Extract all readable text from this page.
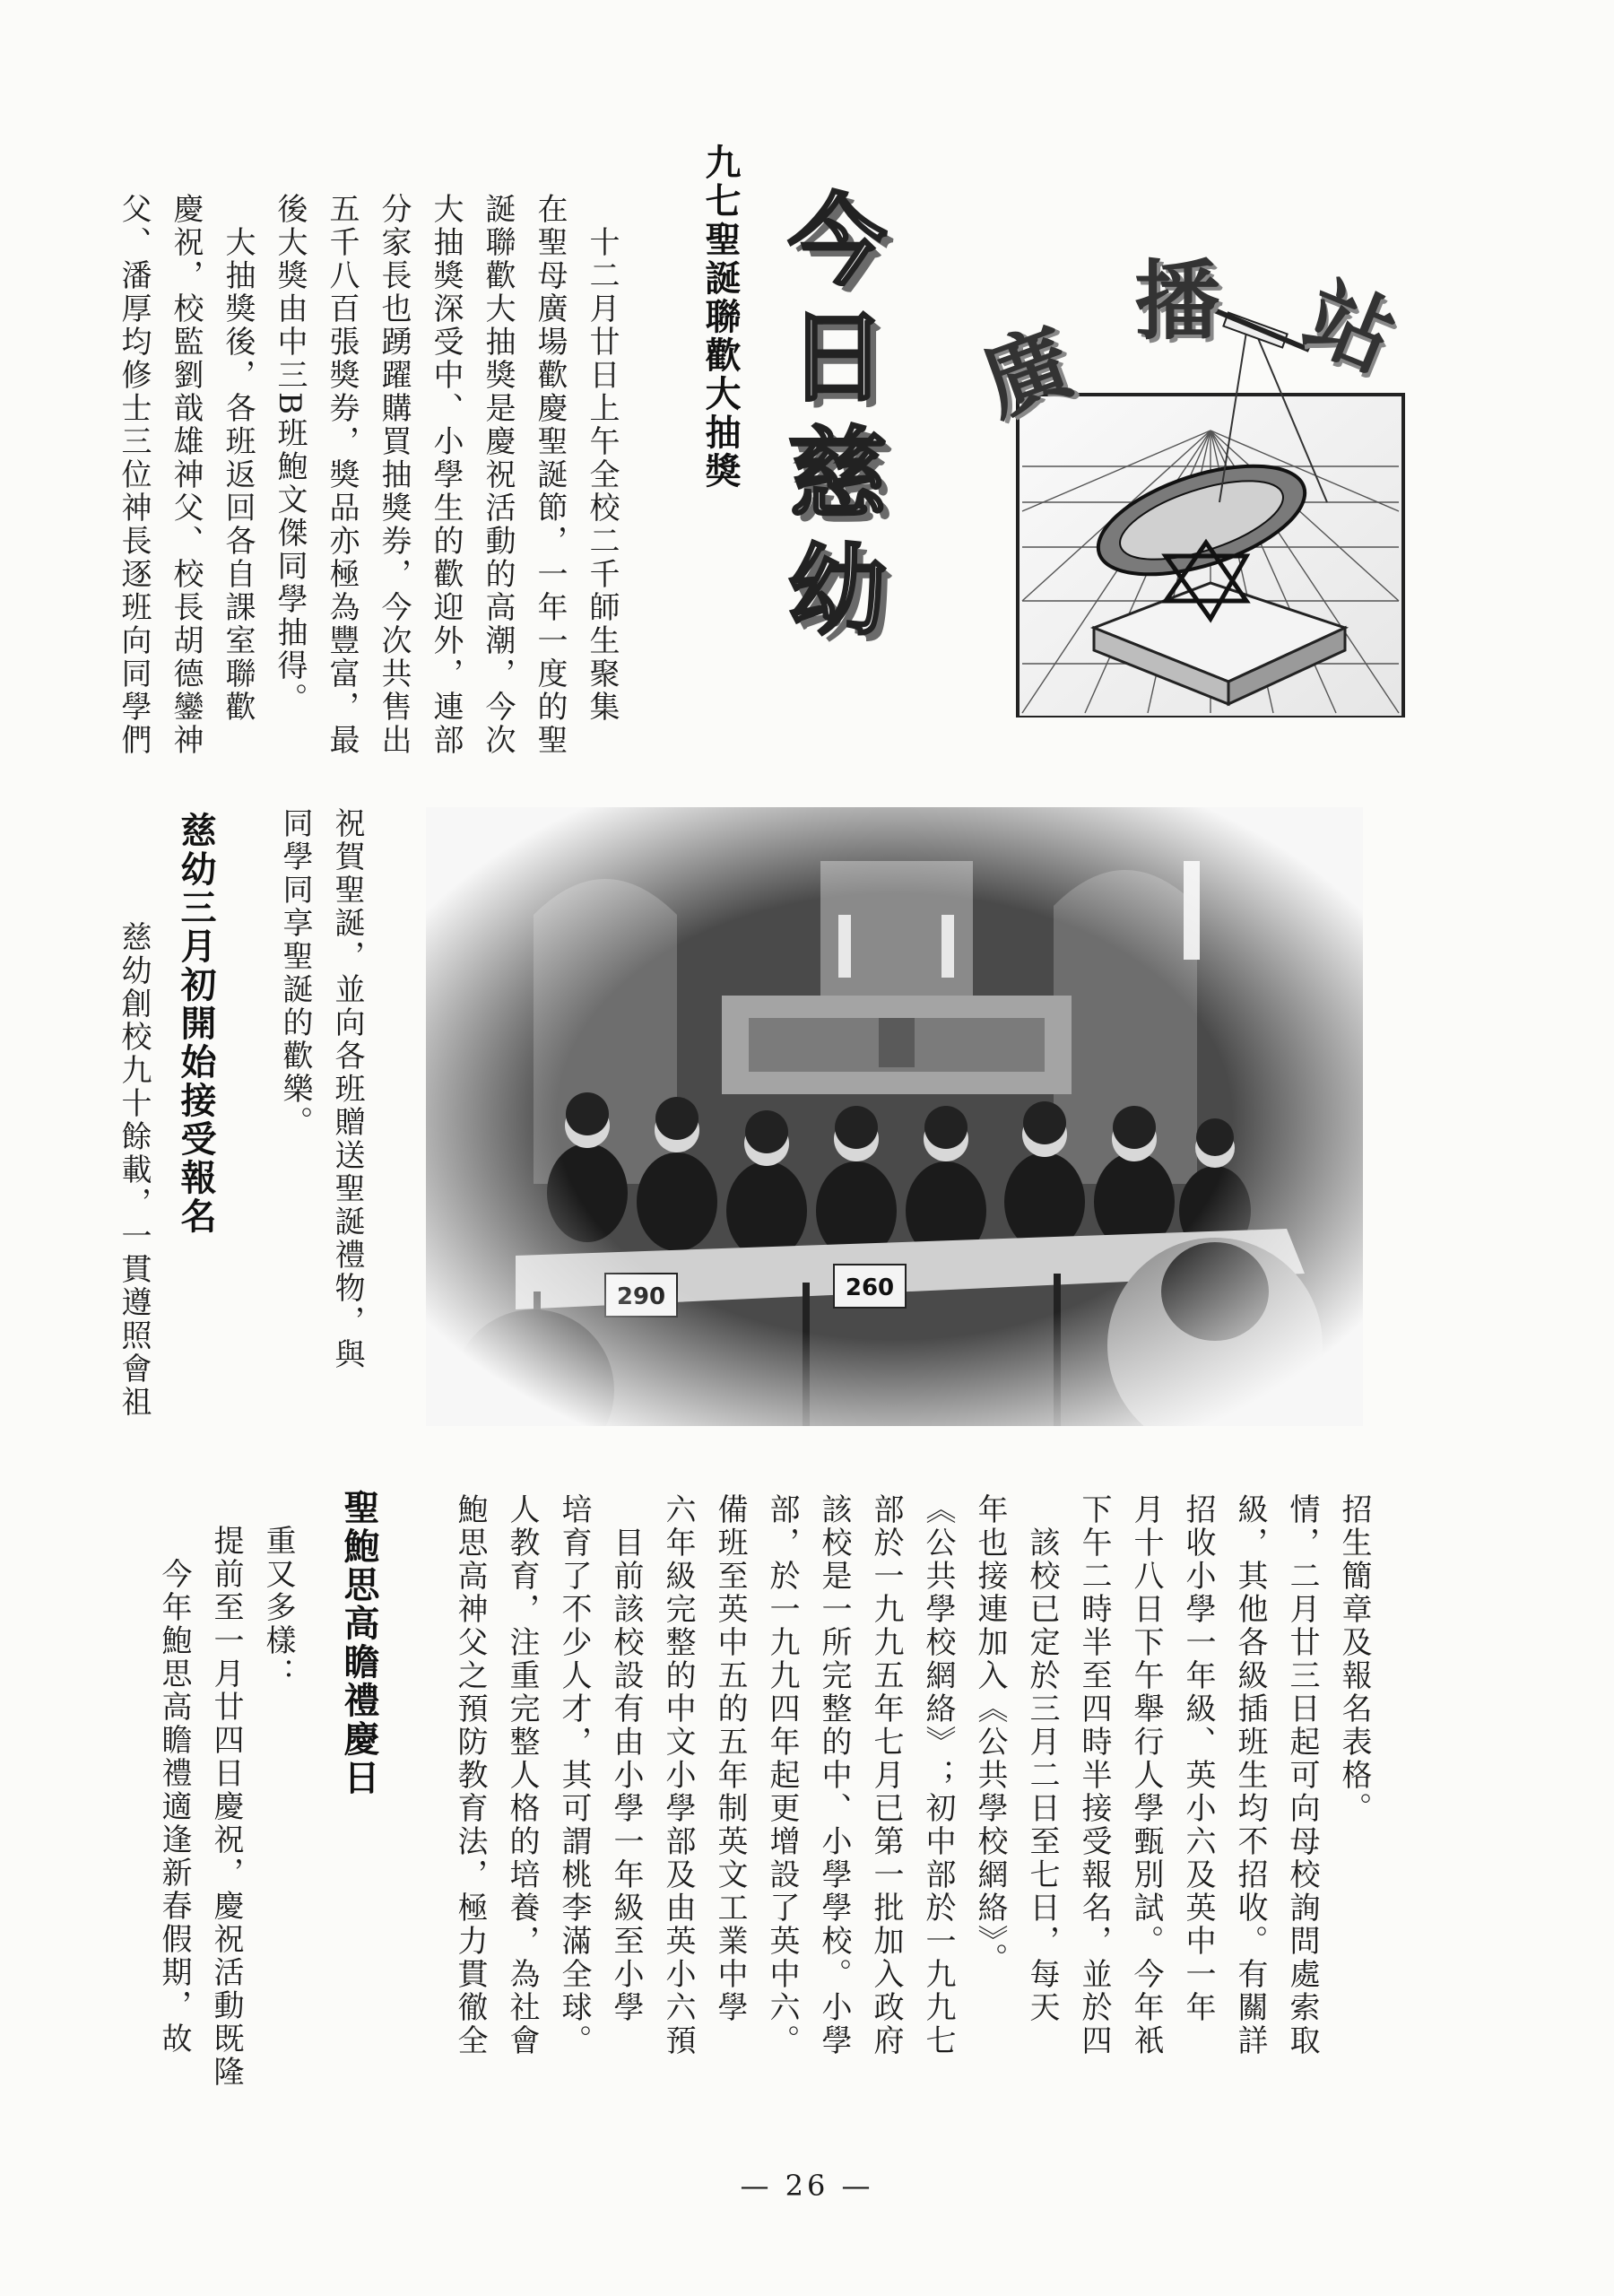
廣
播 站
今日慈幼
九七聖誕聯歡大抽獎
　十二月廿日上午全校二千師生聚集
在聖母廣場歡慶聖誕節，一年一度的聖
誕聯歡大抽獎是慶祝活動的高潮，今次
大抽獎深受中、小學生的歡迎外，連部
分家長也踴躍購買抽獎券，今次共售出
五千八百張獎券，獎品亦極為豐富，最
後大獎由中三B班鮑文傑同學抽得。
　大抽獎後，各班返回各自課室聯歡
慶祝，校監劉戠雄神父、校長胡德鑾神
父、潘厚均修士三位神長逐班向同學們
祝賀聖誕，並向各班贈送聖誕禮物，與
同學同享聖誕的歡樂。
慈幼三月初開始接受報名
　慈幼創校九十餘載，一貫遵照會祖
招生簡章及報名表格。
情，二月廿三日起可向母校詢問處索取
級，其他各級插班生均不招收。有關詳
招收小學一年級、英小六及英中一年
月十八日下午舉行人學甄別試。今年衹
下午二時半至四時半接受報名，並於四
　該校已定於三月二日至七日，每天
年也接連加入《公共學校網絡》。
《公共學校網絡》；初中部於一九九七
部於一九九五年七月已第一批加入政府
該校是一所完整的中、小學學校。小學
部，於一九九四年起更增設了英中六。
備班至英中五的五年制英文工業中學
六年級完整的中文小學部及由英小六預
　目前該校設有由小學一年級至小學
培育了不少人才，其可謂桃李滿全球。
人教育，注重完整人格的培養，為社會
鮑思高神父之預防教育法，極力貫徹全
聖鮑思高瞻禮慶日
重又多樣：
提前至一月廿四日慶祝，慶祝活動既隆
　今年鮑思高瞻禮適逢新春假期，故
— 26 —
